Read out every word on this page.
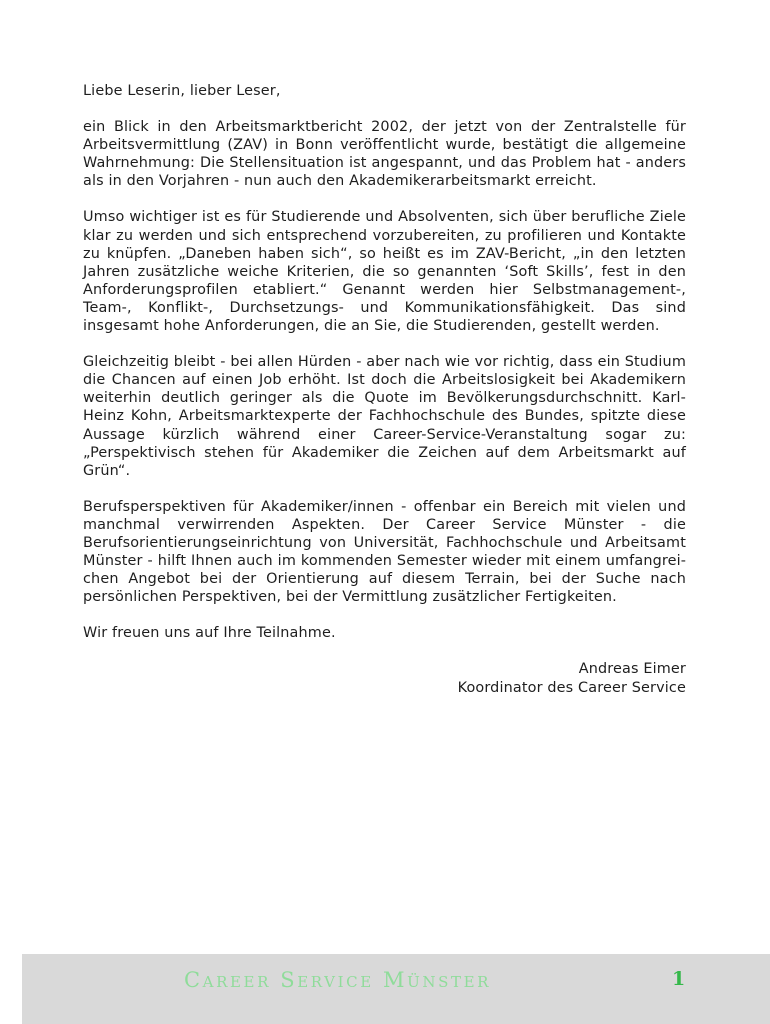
Liebe Leserin, lieber Leser,

ein Blick in den Arbeitsmarktbericht 2002, der jetzt von der Zentralstelle für Arbeitsvermittlung (ZAV) in Bonn veröffentlicht wurde, bestätigt die allgemeine Wahrnehmung: Die Stellensituation ist angespannt, und das Problem hat - anders als in den Vorjahren - nun auch den Akademikerarbeitsmarkt erreicht.

Umso wichtiger ist es für Studierende und Absolventen, sich über berufliche Ziele klar zu werden und sich entsprechend vorzubereiten, zu profilieren und Kontakte zu knüpfen. „Daneben haben sich“, so heißt es im ZAV-Bericht, „in den letzten Jahren zusätzliche weiche Kriterien, die so genannten ‘Soft Skills’, fest in den Anforderungsprofilen etabliert.“ Genannt werden hier Selbstmanagement-, Team-, Konflikt-, Durchsetzungs- und Kommunikationsfähigkeit. Das sind insgesamt hohe Anforderungen, die an Sie, die Studierenden, gestellt werden.

Gleichzeitig bleibt - bei allen Hürden - aber nach wie vor richtig, dass ein Studium die Chancen auf einen Job erhöht. Ist doch die Arbeitslosigkeit bei Akademikern weiterhin deutlich geringer als die Quote im Bevölkerungsdurchschnitt. Karl-Heinz Kohn, Arbeitsmarktexperte der Fachhochschule des Bundes, spitzte diese Aussage kürzlich während einer Career-Service-Veranstaltung sogar zu: „Perspektivisch stehen für Akademiker die Zeichen auf dem Arbeitsmarkt auf Grün“.

Berufsperspektiven für Akademiker/innen - offenbar ein Bereich mit vielen und manchmal verwirrenden Aspekten. Der Career Service Münster - die Berufsorientierungseinrichtung von Universität, Fachhochschule und Arbeitsamt Münster - hilft Ihnen auch im kommenden Semester wieder mit einem umfangreichen Angebot bei der Orientierung auf diesem Terrain, bei der Suche nach persönlichen Perspektiven, bei der Vermittlung zusätzlicher Fertigkeiten.

Wir freuen uns auf Ihre Teilnahme.

Andreas Eimer
Koordinator des Career Service
Career Service Münster	1
